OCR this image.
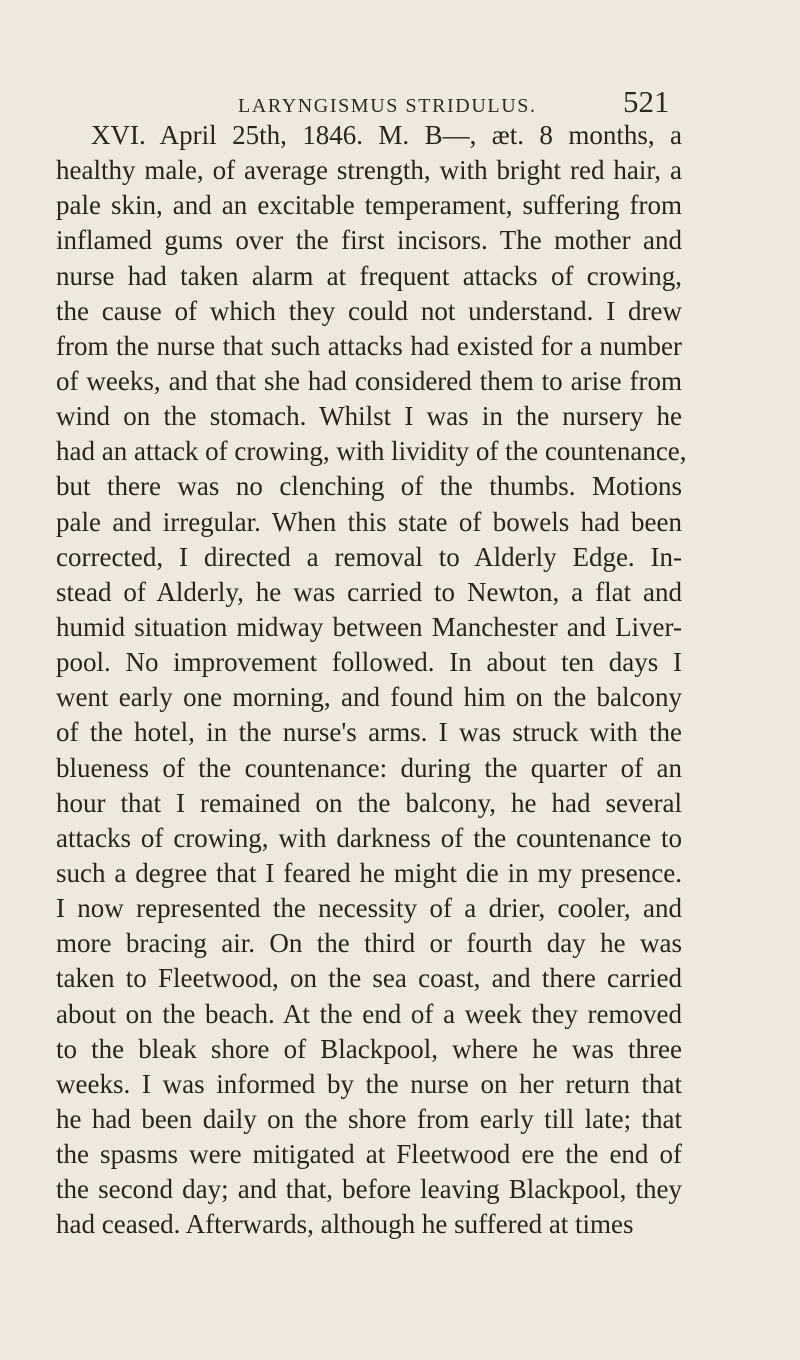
LARYNGISMUS STRIDULUS.	521
XVI. April 25th, 1846. M. B—, æt. 8 months, a
healthy male, of average strength, with bright red hair, a
pale skin, and an excitable temperament, suffering from
inflamed gums over the first incisors. The mother and
nurse had taken alarm at frequent attacks of crowing,
the cause of which they could not understand. I drew
from the nurse that such attacks had existed for a number
of weeks, and that she had considered them to arise from
wind on the stomach. Whilst I was in the nursery he
had an attack of crowing, with lividity of the countenance,
but there was no clenching of the thumbs. Motions
pale and irregular. When this state of bowels had been
corrected, I directed a removal to Alderly Edge. In-
stead of Alderly, he was carried to Newton, a flat and
humid situation midway between Manchester and Liver-
pool. No improvement followed. In about ten days I
went early one morning, and found him on the balcony
of the hotel, in the nurse's arms. I was struck with the
blueness of the countenance: during the quarter of an
hour that I remained on the balcony, he had several
attacks of crowing, with darkness of the countenance to
such a degree that I feared he might die in my presence.
I now represented the necessity of a drier, cooler, and
more bracing air. On the third or fourth day he was
taken to Fleetwood, on the sea coast, and there carried
about on the beach. At the end of a week they removed
to the bleak shore of Blackpool, where he was three
weeks. I was informed by the nurse on her return that
he had been daily on the shore from early till late; that
the spasms were mitigated at Fleetwood ere the end of
the second day; and that, before leaving Blackpool, they
had ceased. Afterwards, although he suffered at times
